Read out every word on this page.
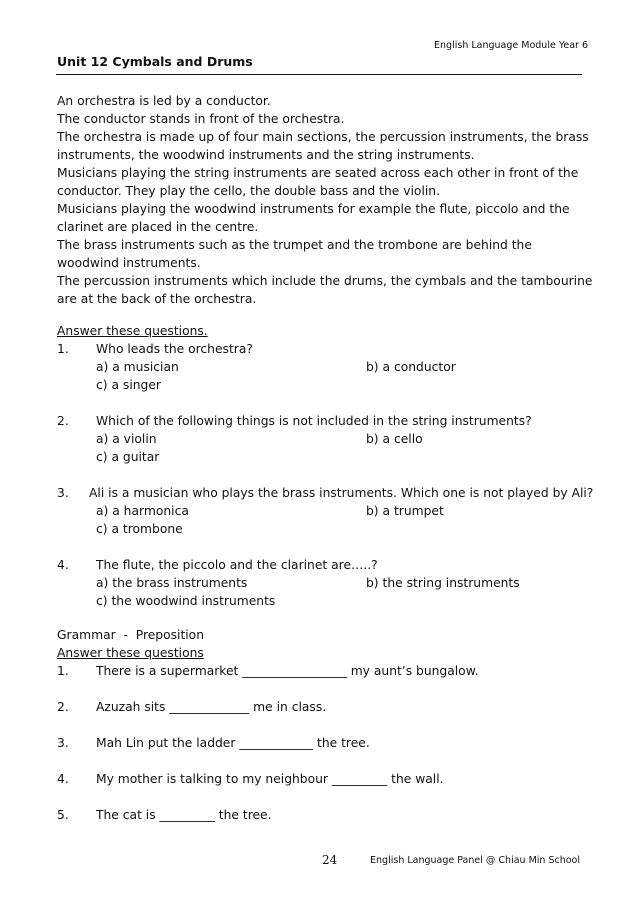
English Language Module Year 6
Unit 12 Cymbals and Drums
An orchestra is led by a conductor.
The conductor stands in front of the orchestra.
The orchestra is made up of four main sections, the percussion instruments, the brass
instruments, the woodwind instruments and the string instruments.
Musicians playing the string instruments are seated across each other in front of the
conductor. They play the cello, the double bass and the violin.
Musicians playing the woodwind instruments for example the flute, piccolo and the
clarinet are placed in the centre.
The brass instruments such as the trumpet and the trombone are behind the
woodwind instruments.
The percussion instruments which include the drums, the cymbals and the tambourine
are at the back of the orchestra.
Answer these questions.
1. Who leads the orchestra?
a) a musician	b) a conductor
c) a singer
2. Which of the following things is not included in the string instruments?
a) a violin	b) a cello
c) a guitar
3. Ali is a musician who plays the brass instruments. Which one is not played by Ali?
a) a harmonica	b) a trumpet
c) a trombone
4. The flute, the piccolo and the clarinet are…..?
a) the brass instruments	b) the string instruments
c) the woodwind instruments
Grammar  -  Preposition
Answer these questions
1. There is a supermarket _________________ my aunt’s bungalow.
2. Azuzah sits _____________ me in class.
3. Mah Lin put the ladder ____________ the tree.
4. My mother is talking to my neighbour _________ the wall.
5. The cat is _________ the tree.
24	English Language Panel @ Chiau Min School
